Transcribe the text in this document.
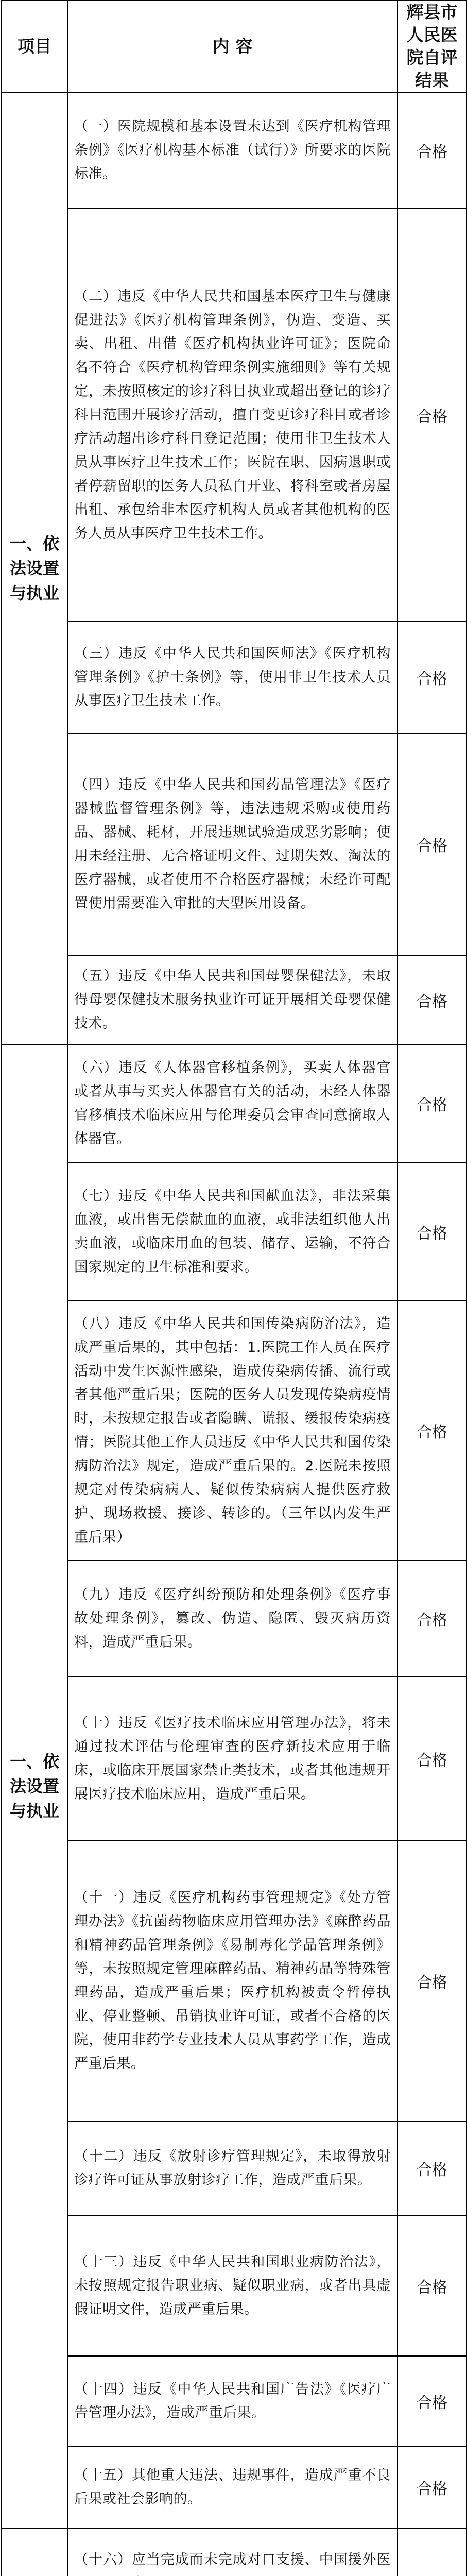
项目	内 容	辉县市人民医院自评结果
一、依法设置与执业	（一）医院规模和基本设置未达到《医疗机构管理条例》《医疗机构基本标准（试行）》所要求的医院标准。	合格
	（二）违反《中华人民共和国基本医疗卫生与健康促进法》《医疗机构管理条例》，伪造、变造、买卖、出租、出借《医疗机构执业许可证》；医院命名不符合《医疗机构管理条例实施细则》等有关规定，未按照核定的诊疗科目执业或超出登记的诊疗科目范围开展诊疗活动，擅自变更诊疗科目或者诊疗活动超出诊疗科目登记范围；使用非卫生技术人员从事医疗卫生技术工作；医院在职、因病退职或者停薪留职的医务人员私自开业、将科室或者房屋出租、承包给非本医疗机构人员或者其他机构的医务人员从事医疗卫生技术工作。	合格
	（三）违反《中华人民共和国医师法》《医疗机构管理条例》《护士条例》等，使用非卫生技术人员从事医疗卫生技术工作。	合格
	（四）违反《中华人民共和国药品管理法》《医疗器械监督管理条例》等，违法违规采购或使用药品、器械、耗材，开展违规试验造成恶劣影响；使用未经注册、无合格证明文件、过期失效、淘汰的医疗器械，或者使用不合格医疗器械；未经许可配置使用需要准入审批的大型医用设备。	合格
	（五）违反《中华人民共和国母婴保健法》，未取得母婴保健技术服务执业许可证开展相关母婴保健技术。	合格
一、依法设置与执业	（六）违反《人体器官移植条例》，买卖人体器官或者从事与买卖人体器官有关的活动，未经人体器官移植技术临床应用与伦理委员会审查同意摘取人体器官。	合格
	（七）违反《中华人民共和国献血法》，非法采集血液，或出售无偿献血的血液，或非法组织他人出卖血液，或临床用血的包装、储存、运输，不符合国家规定的卫生标准和要求。	合格
	（八）违反《中华人民共和国传染病防治法》，造成严重后果的，其中包括：1.医院工作人员在医疗活动中发生医源性感染，造成传染病传播、流行或者其他严重后果；医院的医务人员发现传染病疫情时，未按规定报告或者隐瞒、谎报、缓报传染病疫情；医院其他工作人员违反《中华人民共和国传染病防治法》规定，造成严重后果的。2.医院未按照规定对传染病病人、疑似传染病病人提供医疗救护、现场救援、接诊、转诊的。（三年以内发生严重后果）	合格
	（九）违反《医疗纠纷预防和处理条例》《医疗事故处理条例》，篡改、伪造、隐匿、毁灭病历资料，造成严重后果。	合格
	（十）违反《医疗技术临床应用管理办法》，将未通过技术评估与伦理审查的医疗新技术应用于临床，或临床开展国家禁止类技术，或者其他违规开展医疗技术临床应用，造成严重后果。	合格
	（十一）违反《医疗机构药事管理规定》《处方管理办法》《抗菌药物临床应用管理办法》《麻醉药品和精神药品管理条例》《易制毒化学品管理条例》等，未按照规定管理麻醉药品、精神药品等特殊管理药品，造成严重后果；医疗机构被责令暂停执业、停业整顿、吊销执业许可证，或者不合格的医院，使用非药学专业技术人员从事药学工作，造成严重后果。	合格
	（十二）违反《放射诊疗管理规定》，未取得放射诊疗许可证从事放射诊疗工作，造成严重后果。	合格
	（十三）违反《中华人民共和国职业病防治法》，未按照规定报告职业病、疑似职业病，或者出具虚假证明文件，造成严重后果。	合格
	（十四）违反《中华人民共和国广告法》《医疗广告管理办法》，造成严重后果。	合格
	（十五）其他重大违法、违规事件，造成严重不良后果或社会影响的。	合格
	（十六）应当完成而未完成对口支援、中国援外医	
